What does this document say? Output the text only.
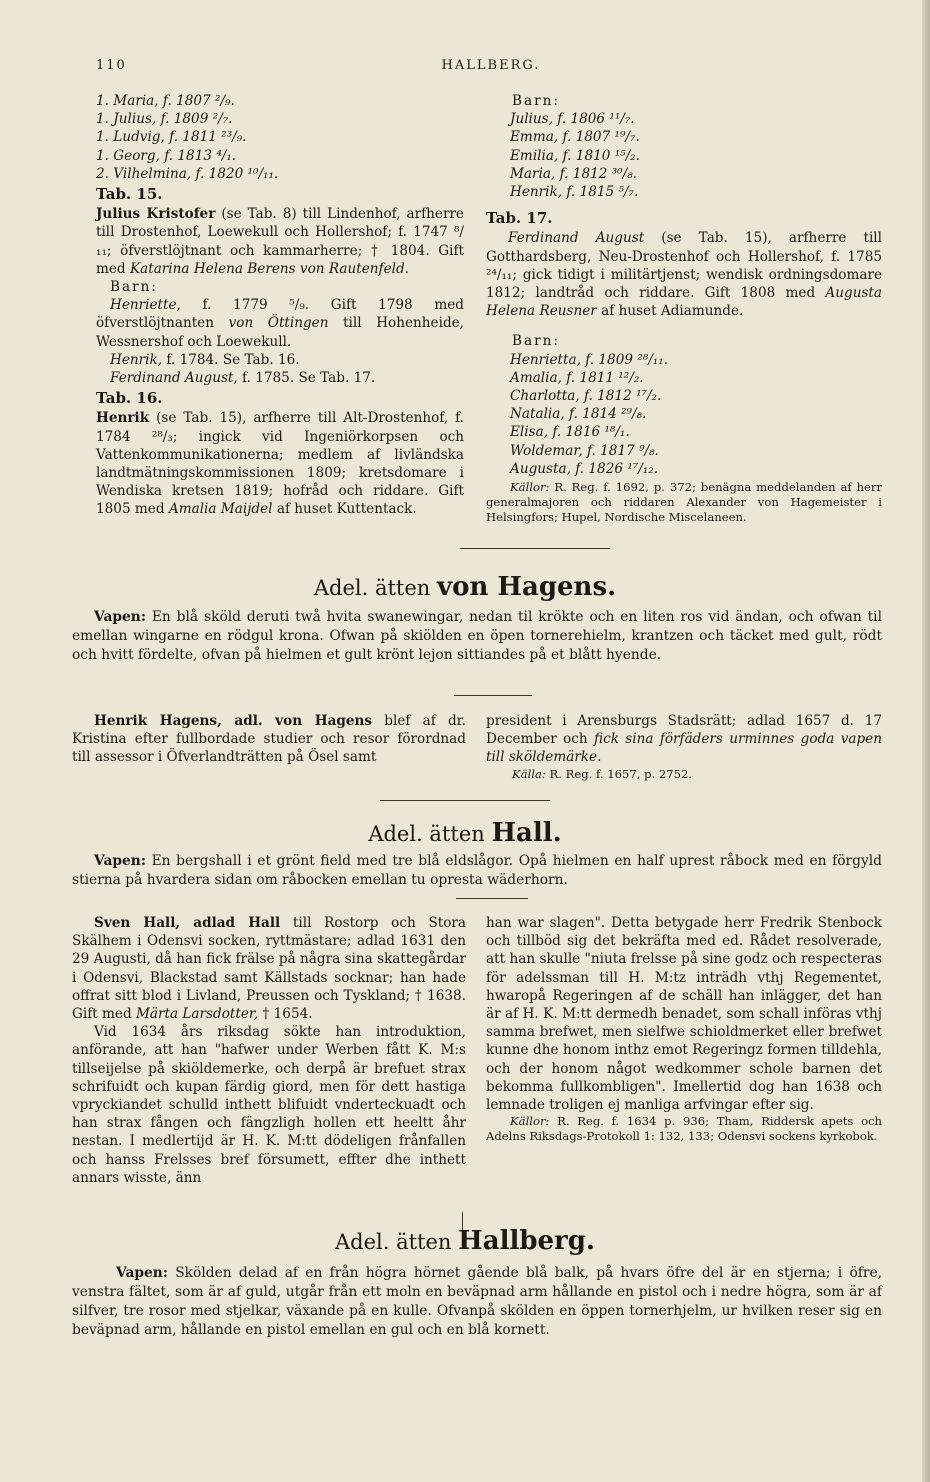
110	HALLBERG.
1. Maria, f. 1807 ²/₉.
1. Julius, f. 1809 ²/₇.
1. Ludvig, f. 1811 ²³/₉.
1. Georg, f. 1813 ⁴/₁.
2. Vilhelmina, f. 1820 ¹⁰/₁₁.

Tab. 15.

Julius Kristofer (se Tab. 8) till Lindenhof, arfherre till Drostenhof, Loewekull och Hollershof; f. 1747 ⁸/₁₁; öfverstlöjtnant och kammarherre; † 1804. Gift med Katarina Helena Berens von Rautenfeld.

Barn:

Henriette, f. 1779 ⁵/₉. Gift 1798 med öfverstlöjtnanten von Öttingen till Hohenheide, Wessnershof och Loewekull.

Henrik, f. 1784. Se Tab. 16.

Ferdinand August, f. 1785. Se Tab. 17.

Tab. 16.

Henrik (se Tab. 15), arfherre till Alt-Drostenhof, f. 1784 ²⁸/₃; ingick vid Ingeniörkorpsen och Vattenkommunikationerna; medlem af livländska landtmätningskommissionen 1809; kretsdomare i Wendiska kretsen 1819; hofråd och riddare. Gift 1805 med Amalia Maijdel af huset Kuttentack.

Barn:

Julius, f. 1806 ¹¹/₇.
Emma, f. 1807 ¹⁹/₇.
Emilia, f. 1810 ¹⁵/₂.
Maria, f. 1812 ³⁰/₈.
Henrik, f. 1815 ⁵/₇.

Tab. 17.

Ferdinand August (se Tab. 15), arfherre till Gotthardsberg, Neu-Drostenhof och Hollershof, f. 1785 ²⁴/₁₁; gick tidigt i militärtjenst; wendisk ordningsdomare 1812; landtråd och riddare. Gift 1808 med Augusta Helena Reusner af huset Adiamunde.

Barn:

Henrietta, f. 1809 ²⁸/₁₁.
Amalia, f. 1811 ¹²/₂.
Charlotta, f. 1812 ¹⁷/₂.
Natalia, f. 1814 ²⁹/₈.
Elisa, f. 1816 ¹⁸/₁.
Woldemar, f. 1817 ⁹/₈.
Augusta, f. 1826 ¹⁷/₁₂.

Källor: R. Reg. f. 1692, p. 372; benägna meddelanden af herr generalmajoren och riddaren Alexander von Hagemeister i Helsingfors; Hupel, Nordische Miscelaneen.

Adel. ätten von Hagens.

Vapen: En blå sköld deruti twå hvita swanewingar, nedan til krökte och en liten ros vid ändan, och ofwan til emellan wingarne en rödgul krona. Ofwan på skiölden en öpen tornerehielm, krantzen och täcket med gult, rödt och hvitt fördelte, ofvan på hielmen et gult krönt lejon sittiandes på et blått hyende.

Henrik Hagens, adl. von Hagens blef af dr. Kristina efter fullbordade studier och resor förordnad till assessor i Öfverlandträtten på Ösel samt

president i Arensburgs Stadsrätt; adlad 1657 d. 17 December och fick sina förfäders urminnes goda vapen till sköldemärke.

Källa: R. Reg. f. 1657, p. 2752.

Adel. ätten Hall.

Vapen: En bergshall i et grönt field med tre blå eldslågor. Opå hielmen en half uprest råbock med en förgyld stierna på hvardera sidan om råbocken emellan tu opresta wäderhorn.

Sven Hall, adlad Hall till Rostorp och Stora Skälhem i Odensvi socken, ryttmästare; adlad 1631 den 29 Augusti, då han fick frälse på några sina skattegårdar i Odensvi, Blackstad samt Källstads socknar; han hade offrat sitt blod i Livland, Preussen och Tyskland; † 1638. Gift med Märta Larsdotter, † 1654.

Vid 1634 års riksdag sökte han introduktion, anförande, att han "hafwer under Werben fått K. M:s tillseijelse på skiöldemerke, och derpå är brefuet strax schrifuidt och kupan färdig giord, men för dett hastiga vpryckiandet schulld inthett blifuidt vnderteckuadt och han strax fången och fängzligh hollen ett heeltt åhr nestan. I medlertijd är H. K. M:tt dödeligen frånfallen och hanss Frelsses bref försumett, effter dhe inthett annars wisste, änn

han war slagen". Detta betygade herr Fredrik Stenbock och tillböd sig det bekräfta med ed. Rådet resolverade, att han skulle "niuta frelsse på sine godz och respecteras för adelssman till H. M:tz inträdh vthj Regementet, hwaropå Regeringen af de schäll han inlägger, det han är af H. K. M:tt dermedh benadet, som schall införas vthj samma brefwet, men sielfwe schioldmerket eller brefwet kunne dhe honom inthz emot Regeringz formen tilldehla, och der honom något wedkommer schole barnen det bekomma fullkombligen". Imellertid dog han 1638 och lemnade troligen ej manliga arfvingar efter sig.

Källor: R. Reg. f. 1634 p. 936; Tham, Riddersk apets och Adelns Riksdags-Protokoll 1: 132, 133; Odensvi sockens kyrkobok.

Adel. ätten Hallberg.

Vapen: Skölden delad af en från högra hörnet gående blå balk, på hvars öfre del är en stjerna; i öfre, venstra fältet, som är af guld, utgår från ett moln en beväpnad arm hållande en pistol och i nedre högra, som är af silfver, tre rosor med stjelkar, växande på en kulle. Ofvanpå skölden en öppen tornerhjelm, ur hvilken reser sig en beväpnad arm, hållande en pistol emellan en gul och en blå kornett.
